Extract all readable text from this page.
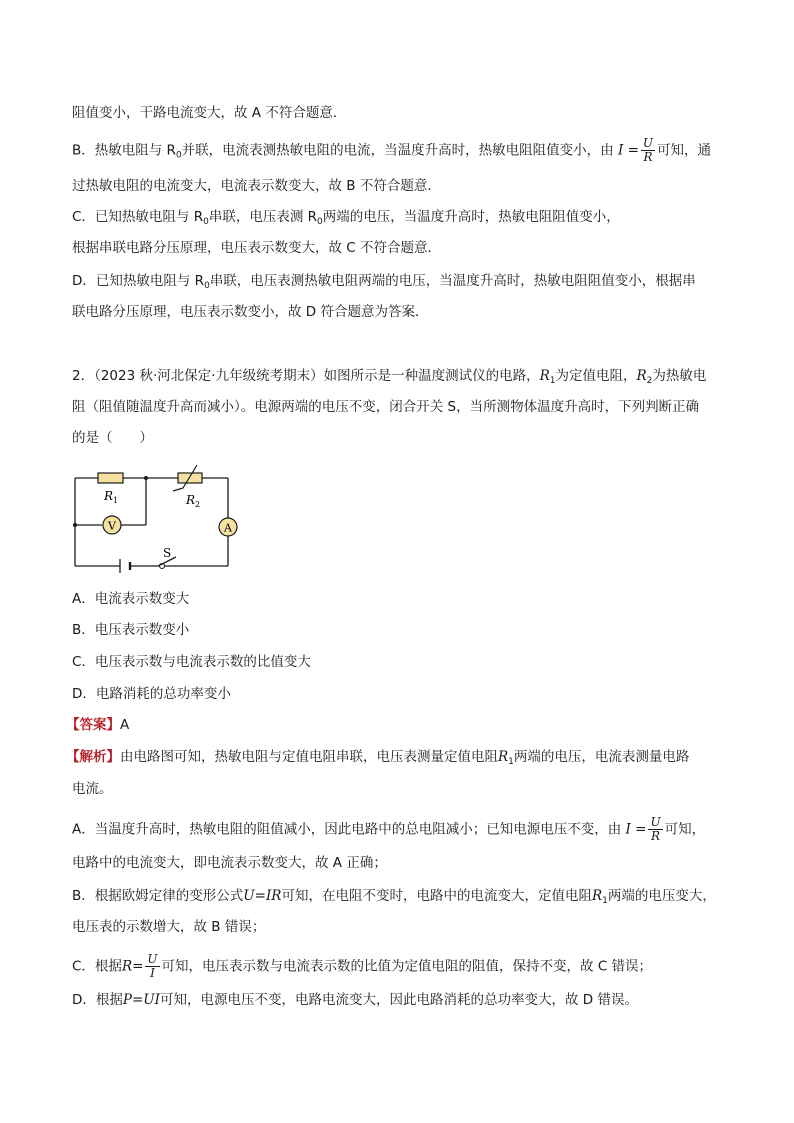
阻值变小，干路电流变大，故 A 不符合题意．
B．热敏电阻与 $R_0$并联，电流表测热敏电阻的电流，当温度升高时，热敏电阻阻值变小，由 $I = \frac{U}{R}$ 可知，通
过热敏电阻的电流变大，电流表示数变大，故 B 不符合题意．
C．已知热敏电阻与 $R_0$串联，电压表测 $R_0$两端的电压，当温度升高时，热敏电阻阻值变小，
根据串联电路分压原理，电压表示数变大，故 C 不符合题意．
D．已知热敏电阻与 $R_0$串联，电压表测热敏电阻两端的电压，当温度升高时，热敏电阻阻值变小，根据串
联电路分压原理，电压表示数变小，故 D 符合题意为答案．
2．（2023 秋·河北保定·九年级统考期末）如图所示是一种温度测试仪的电路，$R_1$为定值电阻，$R_2$为热敏电
阻（阻值随温度升高而减小）。电源两端的电压不变，闭合开关 S，当所测物体温度升高时，下列判断正确
的是（　　）
$R_1$	$R_2$
V	A
S
A．电流表示数变大
B．电压表示数变小
C．电压表示数与电流表示数的比值变大
D．电路消耗的总功率变小
【答案】A
【解析】由电路图可知，热敏电阻与定值电阻串联，电压表测量定值电阻$R_1$两端的电压，电流表测量电路
电流。
A．当温度升高时，热敏电阻的阻值减小，因此电路中的总电阻减小；已知电源电压不变，由 $I = \frac{U}{R}$ 可知，
电路中的电流变大，即电流表示数变大，故 A 正确；
B．根据欧姆定律的变形公式U=IR可知，在电阻不变时，电路中的电流变大，定值电阻$R_1$两端的电压变大，
电压表的示数增大，故 B 错误；
C．根据$R= \frac{U}{I}$ 可知，电压表示数与电流表示数的比值为定值电阻的阻值，保持不变，故 C 错误；
D．根据P=UI可知，电源电压不变，电路电流变大，因此电路消耗的总功率变大，故 D 错误。
